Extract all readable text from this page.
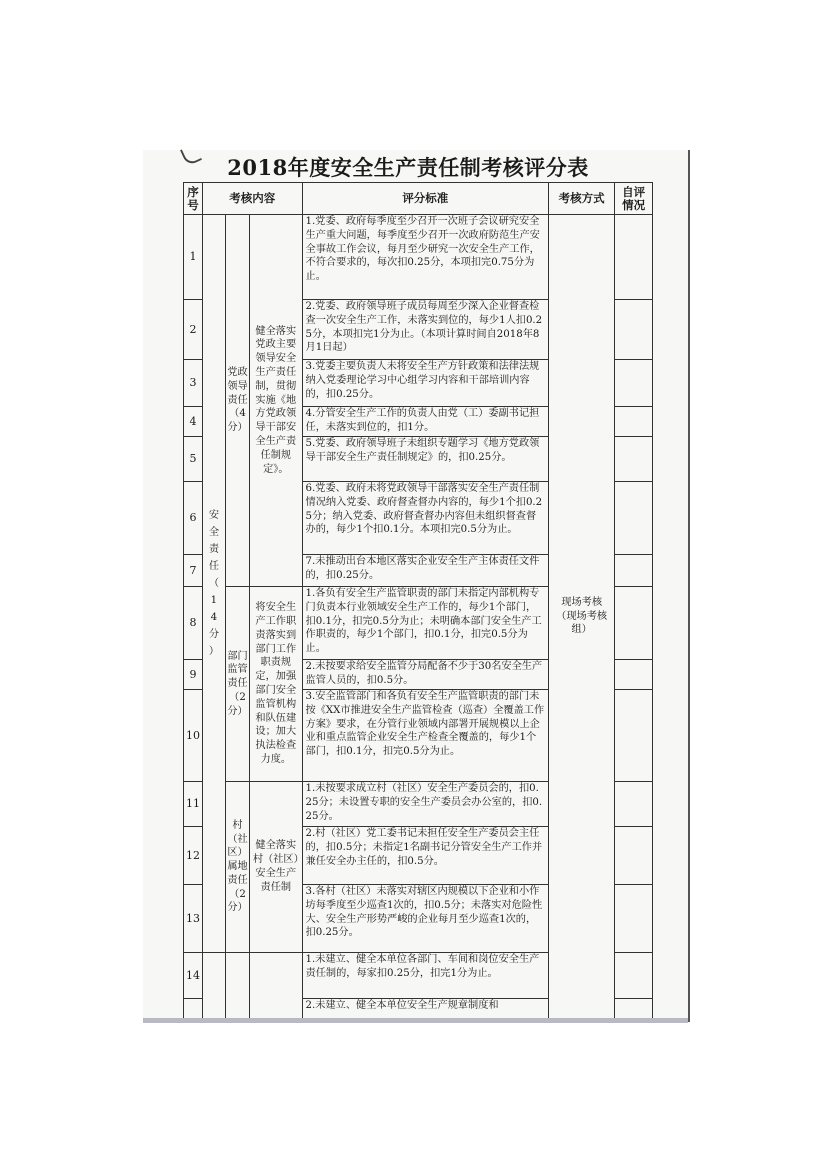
2018年度安全生产责任制考核评分表
序号	考核内容			评分标准	考核方式	自评情况
1	安 全 责 任 （ 1 4 分 ）	党政领导责任（4分）	健全落实党政主要领导安全生产责任制，贯彻实施《地方党政领导干部安全生产责任制规定》。	1.党委、政府每季度至少召开一次班子会议研究安全生产重大问题，每季度至少召开一次政府防范生产安全事故工作会议，每月至少研究一次安全生产工作，不符合要求的，每次扣0.25分，本项扣完0.75分为止。	现场考核（现场考核组）	
2				2.党委、政府领导班子成员每周至少深入企业督查检查一次安全生产工作，未落实到位的，每少1人扣0.25分，本项扣完1分为止。（本项计算时间自2018年8月1日起）		
3				3.党委主要负责人未将安全生产方针政策和法律法规纳入党委理论学习中心组学习内容和干部培训内容的，扣0.25分。		
4				4.分管安全生产工作的负责人由党（工）委副书记担任，未落实到位的，扣1分。		
5				5.党委、政府领导班子未组织专题学习《地方党政领导干部安全生产责任制规定》的，扣0.25分。		
6				6.党委、政府未将党政领导干部落实安全生产责任制情况纳入党委、政府督查督办内容的，每少1个扣0.25分；纳入党委、政府督查督办内容但未组织督查督办的，每少1个扣0.1分。本项扣完0.5分为止。		
7				7.未推动出台本地区落实企业安全生产主体责任文件的，扣0.25分。		
8		部门监管责任（2分）	将安全生产工作职责落实到部门工作职责规定，加强部门安全监管机构和队伍建设；加大执法检查力度。	1.各负有安全生产监管职责的部门未指定内部机构专门负责本行业领域安全生产工作的，每少1个部门，扣0.1分，扣完0.5分为止；未明确本部门安全生产工作职责的，每少1个部门，扣0.1分，扣完0.5分为止。		
9				2.未按要求给安全监管分局配备不少于30名安全生产监管人员的，扣0.5分。		
10				3.安全监管部门和各负有安全生产监管职责的部门未按《XX市推进安全生产监管检查（巡查）全覆盖工作方案》要求，在分管行业领域内部署开展规模以上企业和重点监管企业安全生产检查全覆盖的，每少1个部门，扣0.1分，扣完0.5分为止。		
11		村（社区）属地责任（2分）	健全落实村（社区）安全生产责任制	1.未按要求成立村（社区）安全生产委员会的，扣0.25分；未设置专职的安全生产委员会办公室的，扣0.25分。		
12				2.村（社区）党工委书记未担任安全生产委员会主任的，扣0.5分；未指定1名副书记分管安全生产工作并兼任安全办主任的，扣0.5分。		
13				3.各村（社区）未落实对辖区内规模以下企业和小作坊每季度至少巡查1次的，扣0.5分；未落实对危险性大、安全生产形势严峻的企业每月至少巡查1次的，扣0.25分。		
14				1.未建立、健全本单位各部门、车间和岗位安全生产责任制的，每家扣0.25分，扣完1分为止。		
				2.未建立、健全本单位安全生产规章制度和		
